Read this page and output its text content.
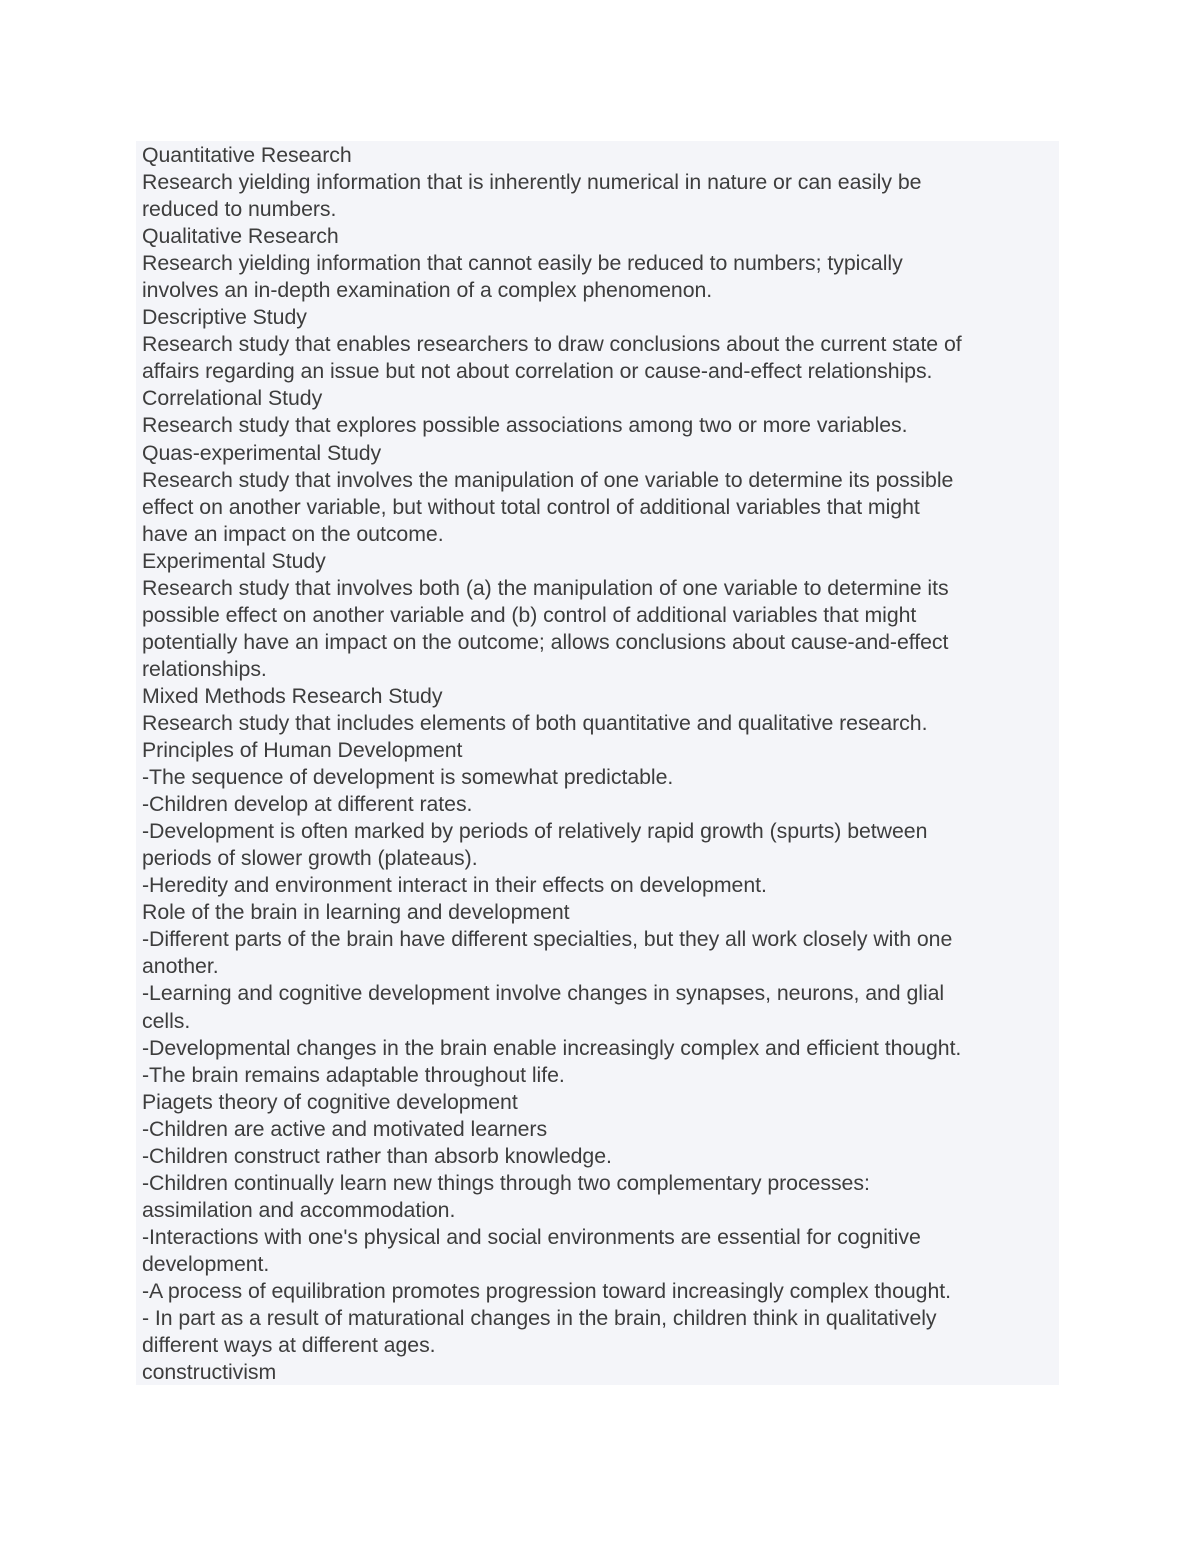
Quantitative Research
Research yielding information that is inherently numerical in nature or can easily be
reduced to numbers.
Qualitative Research
Research yielding information that cannot easily be reduced to numbers; typically
involves an in-depth examination of a complex phenomenon.
Descriptive Study
Research study that enables researchers to draw conclusions about the current state of
affairs regarding an issue but not about correlation or cause-and-effect relationships.
Correlational Study
Research study that explores possible associations among two or more variables.
Quas-experimental Study
Research study that involves the manipulation of one variable to determine its possible
effect on another variable, but without total control of additional variables that might
have an impact on the outcome.
Experimental Study
Research study that involves both (a) the manipulation of one variable to determine its
possible effect on another variable and (b) control of additional variables that might
potentially have an impact on the outcome; allows conclusions about cause-and-effect
relationships.
Mixed Methods Research Study
Research study that includes elements of both quantitative and qualitative research.
Principles of Human Development
-The sequence of development is somewhat predictable.
-Children develop at different rates.
-Development is often marked by periods of relatively rapid growth (spurts) between
periods of slower growth (plateaus).
-Heredity and environment interact in their effects on development.
Role of the brain in learning and development
-Different parts of the brain have different specialties, but they all work closely with one
another.
-Learning and cognitive development involve changes in synapses, neurons, and glial
cells.
-Developmental changes in the brain enable increasingly complex and efficient thought.
-The brain remains adaptable throughout life.
Piagets theory of cognitive development
-Children are active and motivated learners
-Children construct rather than absorb knowledge.
-Children continually learn new things through two complementary processes:
assimilation and accommodation.
-Interactions with one's physical and social environments are essential for cognitive
development.
-A process of equilibration promotes progression toward increasingly complex thought.
- In part as a result of maturational changes in the brain, children think in qualitatively
different ways at different ages.
constructivism
